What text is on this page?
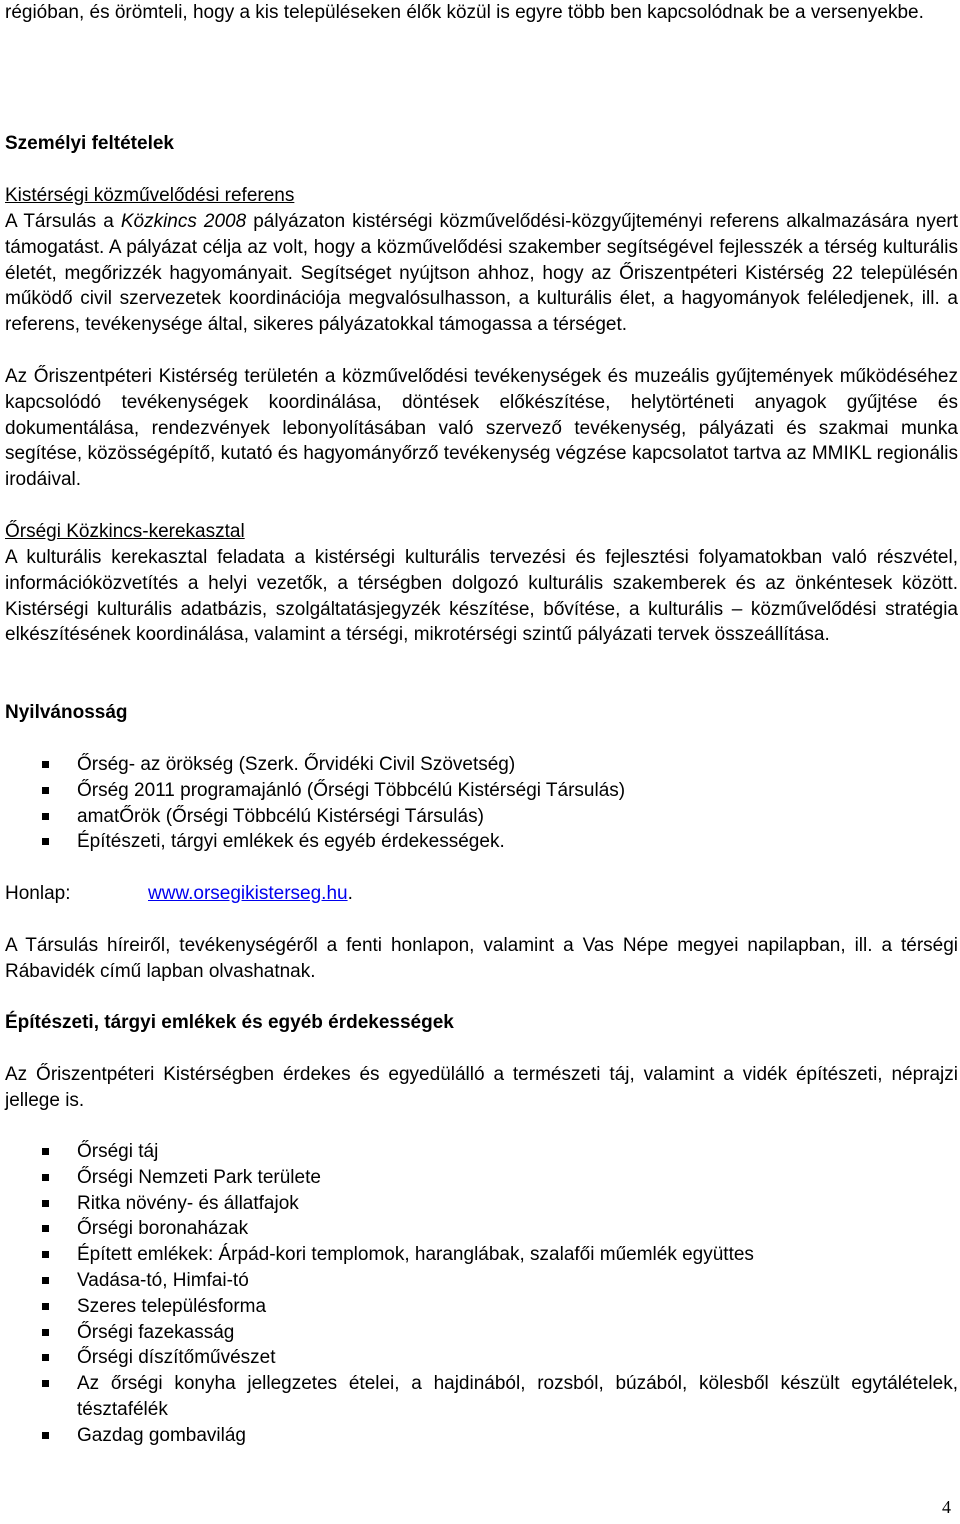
régióban, és örömteli, hogy a kis településeken élők közül is egyre több ben kapcsolódnak be a versenyekbe.

Személyi feltételek
Kistérségi közművelődési referens

A Társulás a Közkincs 2008 pályázaton kistérségi közművelődési-közgyűjteményi referens alkalmazására nyert támogatást. A pályázat célja az volt, hogy a közművelődési szakember segítségével fejlesszék a térség kulturális életét, megőrizzék hagyományait. Segítséget nyújtson ahhoz, hogy az Őriszentpéteri Kistérség 22 településén működő civil szervezetek koordinációja megvalósulhasson, a kulturális élet, a hagyományok feléledjenek, ill. a referens, tevékenysége által, sikeres pályázatokkal támogassa a térséget.

Az Őriszentpéteri Kistérség területén a közművelődési tevékenységek és muzeális gyűjtemények működéséhez kapcsolódó tevékenységek koordinálása, döntések előkészítése, helytörténeti anyagok gyűjtése és dokumentálása, rendezvények lebonyolításában való szervező tevékenység, pályázati és szakmai munka segítése, közösségépítő, kutató és hagyományőrző tevékenység végzése kapcsolatot tartva az MMIKL regionális irodáival.

Őrségi Közkincs-kerekasztal

A kulturális kerekasztal feladata a kistérségi kulturális tervezési és fejlesztési folyamatokban való részvétel, információközvetítés a helyi vezetők, a térségben dolgozó kulturális szakemberek és az önkéntesek között. Kistérségi kulturális adatbázis, szolgáltatásjegyzék készítése, bővítése, a kulturális – közművelődési stratégia elkészítésének koordinálása, valamint a térségi, mikrotérségi szintű pályázati tervek összeállítása.

Nyilvánosság
Őrség- az örökség (Szerk. Őrvidéki Civil Szövetség)
Őrség 2011 programajánló (Őrségi Többcélú Kistérségi Társulás)
amatŐrök (Őrségi Többcélú Kistérségi Társulás)
Építészeti, tárgyi emlékek és egyéb érdekességek.
Honlap:	www.orsegikisterseg.hu.

A Társulás híreiről, tevékenységéről a fenti honlapon, valamint a Vas Népe megyei napilapban, ill. a térségi Rábavidék című lapban olvashatnak.

Építészeti, tárgyi emlékek és egyéb érdekességek

Az Őriszentpéteri Kistérségben érdekes és egyedülálló a természeti táj, valamint a vidék építészeti, néprajzi jellege is.

Őrségi táj
Őrségi Nemzeti Park területe
Ritka növény- és állatfajok
Őrségi boronaházak
Épített emlékek: Árpád-kori templomok, haranglábak, szalafői műemlék együttes
Vadása-tó, Himfai-tó
Szeres településforma
Őrségi fazekasság
Őrségi díszítőművészet
Az őrségi konyha jellegzetes ételei, a hajdinából, rozsból, búzából, kölesből készült egytálételek, tésztafélék
Gazdag gombavilág
4
